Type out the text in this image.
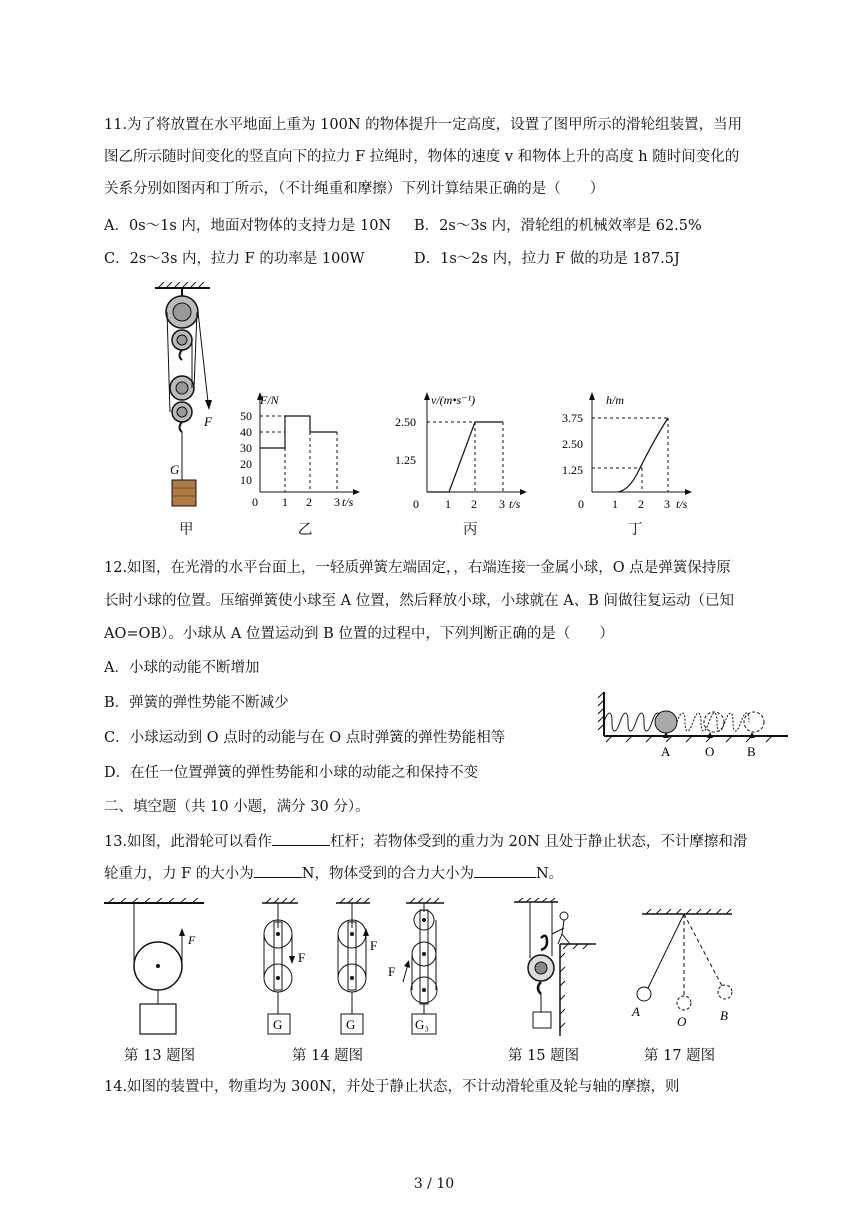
11.为了将放置在水平地面上重为 100N 的物体提升一定高度，设置了图甲所示的滑轮组装置，当用
图乙所示随时间变化的竖直向下的拉力 F 拉绳时，物体的速度 v 和物体上升的高度 h 随时间变化的
关系分别如图丙和丁所示，（不计绳重和摩擦）下列计算结果正确的是（　　）
A．0s～1s 内，地面对物体的支持力是 10N B．2s～3s 内，滑轮组的机械效率是 62.5%
C．2s～3s 内，拉力 F 的功率是 100W	D．1s～2s 内，拉力 F 做的功是 187.5J
F
G
甲
F/N
t/s
50
40
30
20
10
0 1 2 3
乙
v/(m•s⁻¹)
t/s
2.50
1.25
0 1 2 3
丙
h/m
t/s
3.75
2.50
1.25
0 1 2 3
丁
12.如图，在光滑的水平台面上，一轻质弹簧左端固定，，右端连接一金属小球，O 点是弹簧保持原
长时小球的位置。压缩弹簧使小球至 A 位置，然后释放小球，小球就在 A、B 间做往复运动（已知
AO=OB）。小球从 A 位置运动到 B 位置的过程中，下列判断正确的是（　　）
A．小球的动能不断增加
B．弹簧的弹性势能不断减少
C．小球运动到 O 点时的动能与在 O 点时弹簧的弹性势能相等
D．在任一位置弹簧的弹性势能和小球的动能之和保持不变
A	O	B
二、填空题（共 10 小题，满分 30 分）。
13.如图，此滑轮可以看作	杠杆；若物体受到的重力为 20N 且处于静止状态，不计摩擦和滑
轮重力，力 F 的大小为	N，物体受到的合力大小为	N。
F
第 13 题图
F
G
F
G
F
G₃
第 14 题图	第 15 题图
A
O	B
第 17 题图
14.如图的装置中，物重均为 300N，并处于静止状态，不计动滑轮重及轮与轴的摩擦，则
3 / 10
